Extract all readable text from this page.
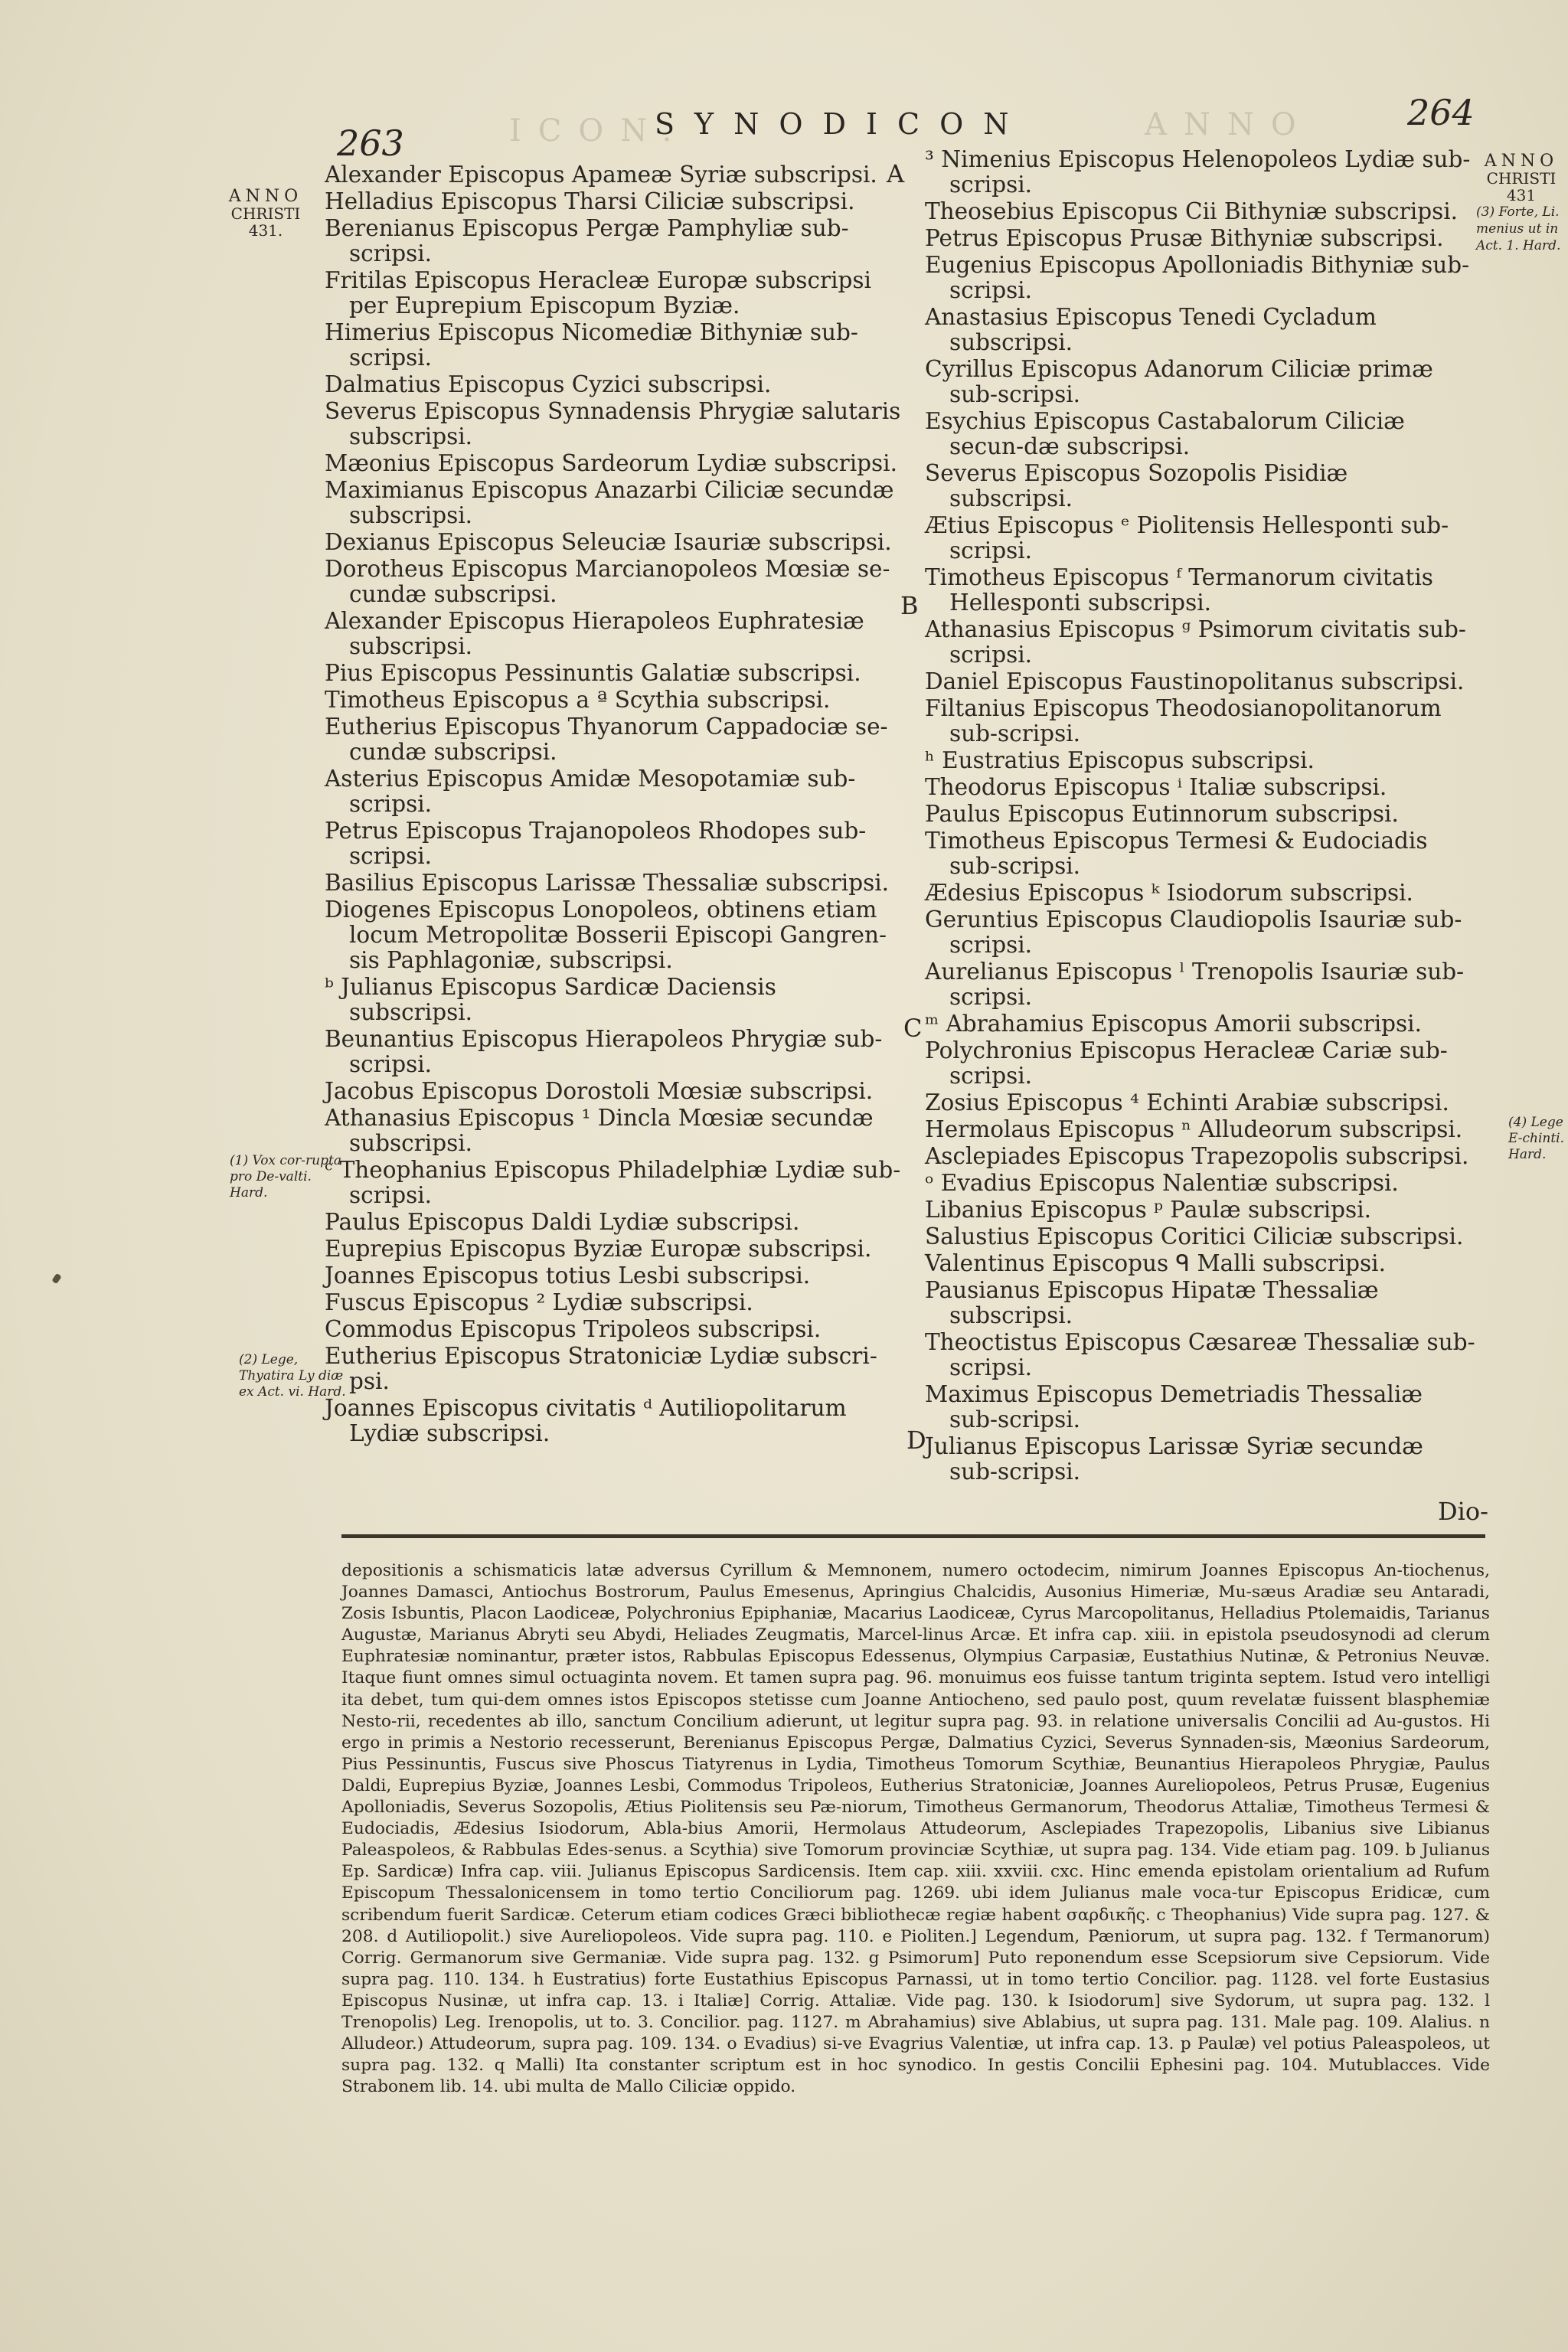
ICON.	ANNO
263	SYNODICON	264
ANNO
CHRISTI
431.
ANNO
CHRISTI
431
(3) Forte, Li.
menius ut in
Act. 1. Hard.
(1) Vox cor-rupta pro De-valti. Hard.
(2) Lege, Thyatira Ly diæ ex Act. vi. Hard.
(4) Lege E-chinti. Hard.
A
B
C
D
Alexander Episcopus Apameæ Syriæ subscripsi.
Helladius Episcopus Tharsi Ciliciæ subscripsi.
Berenianus Episcopus Pergæ Pamphyliæ sub-scripsi.
Fritilas Episcopus Heracleæ Europæ subscripsi per Euprepium Episcopum Byziæ.
Himerius Episcopus Nicomediæ Bithyniæ sub-scripsi.
Dalmatius Episcopus Cyzici subscripsi.
Severus Episcopus Synnadensis Phrygiæ salutaris subscripsi.
Mæonius Episcopus Sardeorum Lydiæ subscripsi.
Maximianus Episcopus Anazarbi Ciliciæ secundæ subscripsi.
Dexianus Episcopus Seleuciæ Isauriæ subscripsi.
Dorotheus Episcopus Marcianopoleos Mœsiæ se-cundæ subscripsi.
Alexander Episcopus Hierapoleos Euphratesiæ subscripsi.
Pius Episcopus Pessinuntis Galatiæ subscripsi.
Timotheus Episcopus a ª Scythia subscripsi.
Eutherius Episcopus Thyanorum Cappadociæ se-cundæ subscripsi.
Asterius Episcopus Amidæ Mesopotamiæ sub-scripsi.
Petrus Episcopus Trajanopoleos Rhodopes sub-scripsi.
Basilius Episcopus Larissæ Thessaliæ subscripsi.
Diogenes Episcopus Lonopoleos, obtinens etiam locum Metropolitæ Bosserii Episcopi Gangren-sis Paphlagoniæ, subscripsi.
ᵇ Julianus Episcopus Sardicæ Daciensis subscripsi.
Beunantius Episcopus Hierapoleos Phrygiæ sub-scripsi.
Jacobus Episcopus Dorostoli Mœsiæ subscripsi.
Athanasius Episcopus ¹ Dincla Mœsiæ secundæ subscripsi.
ᶜ Theophanius Episcopus Philadelphiæ Lydiæ sub-scripsi.
Paulus Episcopus Daldi Lydiæ subscripsi.
Euprepius Episcopus Byziæ Europæ subscripsi.
Joannes Episcopus totius Lesbi subscripsi.
Fuscus Episcopus ² Lydiæ subscripsi.
Commodus Episcopus Tripoleos subscripsi.
Eutherius Episcopus Stratoniciæ Lydiæ subscri-psi.
Joannes Episcopus civitatis ᵈ Autiliopolitarum Lydiæ subscripsi.
³ Nimenius Episcopus Helenopoleos Lydiæ sub-scripsi.
Theosebius Episcopus Cii Bithyniæ subscripsi.
Petrus Episcopus Prusæ Bithyniæ subscripsi.
Eugenius Episcopus Apolloniadis Bithyniæ sub-scripsi.
Anastasius Episcopus Tenedi Cycladum subscripsi.
Cyrillus Episcopus Adanorum Ciliciæ primæ sub-scripsi.
Esychius Episcopus Castabalorum Ciliciæ secun-dæ subscripsi.
Severus Episcopus Sozopolis Pisidiæ subscripsi.
Ætius Episcopus ᵉ Piolitensis Hellesponti sub-scripsi.
Timotheus Episcopus ᶠ Termanorum civitatis Hellesponti subscripsi.
Athanasius Episcopus ᵍ Psimorum civitatis sub-scripsi.
Daniel Episcopus Faustinopolitanus subscripsi.
Filtanius Episcopus Theodosianopolitanorum sub-scripsi.
ʰ Eustratius Episcopus subscripsi.
Theodorus Episcopus ⁱ Italiæ subscripsi.
Paulus Episcopus Eutinnorum subscripsi.
Timotheus Episcopus Termesi & Eudociadis sub-scripsi.
Ædesius Episcopus ᵏ Isiodorum subscripsi.
Geruntius Episcopus Claudiopolis Isauriæ sub-scripsi.
Aurelianus Episcopus ˡ Trenopolis Isauriæ sub-scripsi.
ᵐ Abrahamius Episcopus Amorii subscripsi.
Polychronius Episcopus Heracleæ Cariæ sub-scripsi.
Zosius Episcopus ⁴ Echinti Arabiæ subscripsi.
Hermolaus Episcopus ⁿ Alludeorum subscripsi.
Asclepiades Episcopus Trapezopolis subscripsi.
ᵒ Evadius Episcopus Nalentiæ subscripsi.
Libanius Episcopus ᵖ Paulæ subscripsi.
Salustius Episcopus Coritici Ciliciæ subscripsi.
Valentinus Episcopus ᑫ Malli subscripsi.
Pausianus Episcopus Hipatæ Thessaliæ subscripsi.
Theoctistus Episcopus Cæsareæ Thessaliæ sub-scripsi.
Maximus Episcopus Demetriadis Thessaliæ sub-scripsi.
Julianus Episcopus Larissæ Syriæ secundæ sub-scripsi.
Dio-

depositionis a schismaticis latæ adversus Cyrillum & Memnonem, numero octodecim, nimirum Joannes Episcopus An-tiochenus, Joannes Damasci, Antiochus Bostrorum, Paulus Emesenus, Apringius Chalcidis, Ausonius Himeriæ, Mu-sæus Aradiæ seu Antaradi, Zosis Isbuntis, Placon Laodiceæ, Polychronius Epiphaniæ, Macarius Laodiceæ, Cyrus Marcopolitanus, Helladius Ptolemaidis, Tarianus Augustæ, Marianus Abryti seu Abydi, Heliades Zeugmatis, Marcel-linus Arcæ. Et infra cap. xiii. in epistola pseudosynodi ad clerum Euphratesiæ nominantur, præter istos, Rabbulas Episcopus Edessenus, Olympius Carpasiæ, Eustathius Nutinæ, & Petronius Neuvæ. Itaque fiunt omnes simul octuaginta novem. Et tamen supra pag. 96. monuimus eos fuisse tantum triginta septem. Istud vero intelligi ita debet, tum qui-dem omnes istos Episcopos stetisse cum Joanne Antiocheno, sed paulo post, quum revelatæ fuissent blasphemiæ Nesto-rii, recedentes ab illo, sanctum Concilium adierunt, ut legitur supra pag. 93. in relatione universalis Concilii ad Au-gustos. Hi ergo in primis a Nestorio recesserunt, Berenianus Episcopus Pergæ, Dalmatius Cyzici, Severus Synnaden-sis, Mæonius Sardeorum, Pius Pessinuntis, Fuscus sive Phoscus Tiatyrenus in Lydia, Timotheus Tomorum Scythiæ, Beunantius Hierapoleos Phrygiæ, Paulus Daldi, Euprepius Byziæ, Joannes Lesbi, Commodus Tripoleos, Eutherius Stratoniciæ, Joannes Aureliopoleos, Petrus Prusæ, Eugenius Apolloniadis, Severus Sozopolis, Ætius Piolitensis seu Pæ-niorum, Timotheus Germanorum, Theodorus Attaliæ, Timotheus Termesi & Eudociadis, Ædesius Isiodorum, Abla-bius Amorii, Hermolaus Attudeorum, Asclepiades Trapezopolis, Libanius sive Libianus Paleaspoleos, & Rabbulas Edes-senus. a Scythia) sive Tomorum provinciæ Scythiæ, ut supra pag. 134. Vide etiam pag. 109. b Julianus Ep. Sardicæ) Infra cap. viii. Julianus Episcopus Sardicensis. Item cap. xiii. xxviii. cxc. Hinc emenda epistolam orientalium ad Rufum Episcopum Thessalonicensem in tomo tertio Conciliorum pag. 1269. ubi idem Julianus male voca-tur Episcopus Eridicæ, cum scribendum fuerit Sardicæ. Ceterum etiam codices Græci bibliothecæ regiæ habent σαρδικῆς. c Theophanius) Vide supra pag. 127. & 208. d Autiliopolit.) sive Aureliopoleos. Vide supra pag. 110. e Pioliten.] Legendum, Pæniorum, ut supra pag. 132. f Termanorum) Corrig. Germanorum sive Germaniæ. Vide supra pag. 132. g Psimorum] Puto reponendum esse Scepsiorum sive Cepsiorum. Vide supra pag. 110. 134. h Eustratius) forte Eustathius Episcopus Parnassi, ut in tomo tertio Concilior. pag. 1128. vel forte Eustasius Episcopus Nusinæ, ut infra cap. 13. i Italiæ] Corrig. Attaliæ. Vide pag. 130. k Isiodorum] sive Sydorum, ut supra pag. 132. l Trenopolis) Leg. Irenopolis, ut to. 3. Concilior. pag. 1127. m Abrahamius) sive Ablabius, ut supra pag. 131. Male pag. 109. Alalius. n Alludeor.) Attudeorum, supra pag. 109. 134. o Evadius) si-ve Evagrius Valentiæ, ut infra cap. 13. p Paulæ) vel potius Paleaspoleos, ut supra pag. 132. q Malli) Ita constanter scriptum est in hoc synodico. In gestis Concilii Ephesini pag. 104. Mutublacces. Vide Strabonem lib. 14. ubi multa de Mallo Ciliciæ oppido.
